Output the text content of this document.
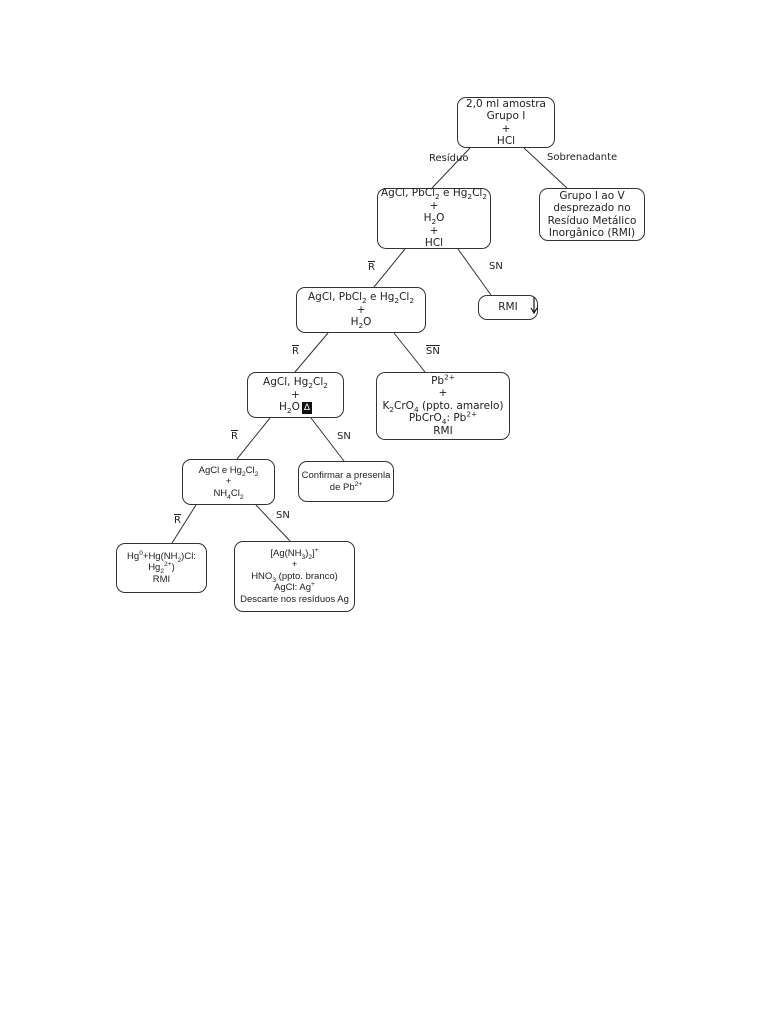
2,0 ml amostra
Grupo I
+
HCl
AgCl, PbCl$_2$ e $Hg_2Cl_2$
+
$H_2O$
+
HCl
Grupo I ao V
desprezado no
Resíduo Metálico
Inorgânico (RMI)
AgCl, PbCl$_2$ e $Hg_2Cl_2$
+
$H_2O$
RMI
AgCl, $Hg_2Cl_2$
+
$H_2O$ Δ
$Pb^{2+}$
+
$K_2CrO_4$ (ppto. amarelo)
PbCrO$_4$: $Pb^{2+}$
RMI
AgCl e $Hg_2Cl_2$
+
$NH_4Cl_2$
Confirmar a presenla
de $Pb^{2+}$
$Hg^0+Hg(NH_2)Cl$:
$Hg_2^{2+}$)
RMI
$[Ag(NH_3)_2]^+$
+
$HNO_3$ (ppto. branco)
AgCl: Ag+
Descarte nos resíduos Ag
Resíduo	Sobrenadante
$\overline{R}$	SN
$\overline{R}$	$\overline{SN}$
$\overline{R}$	SN
$\overline{R}$	SN
